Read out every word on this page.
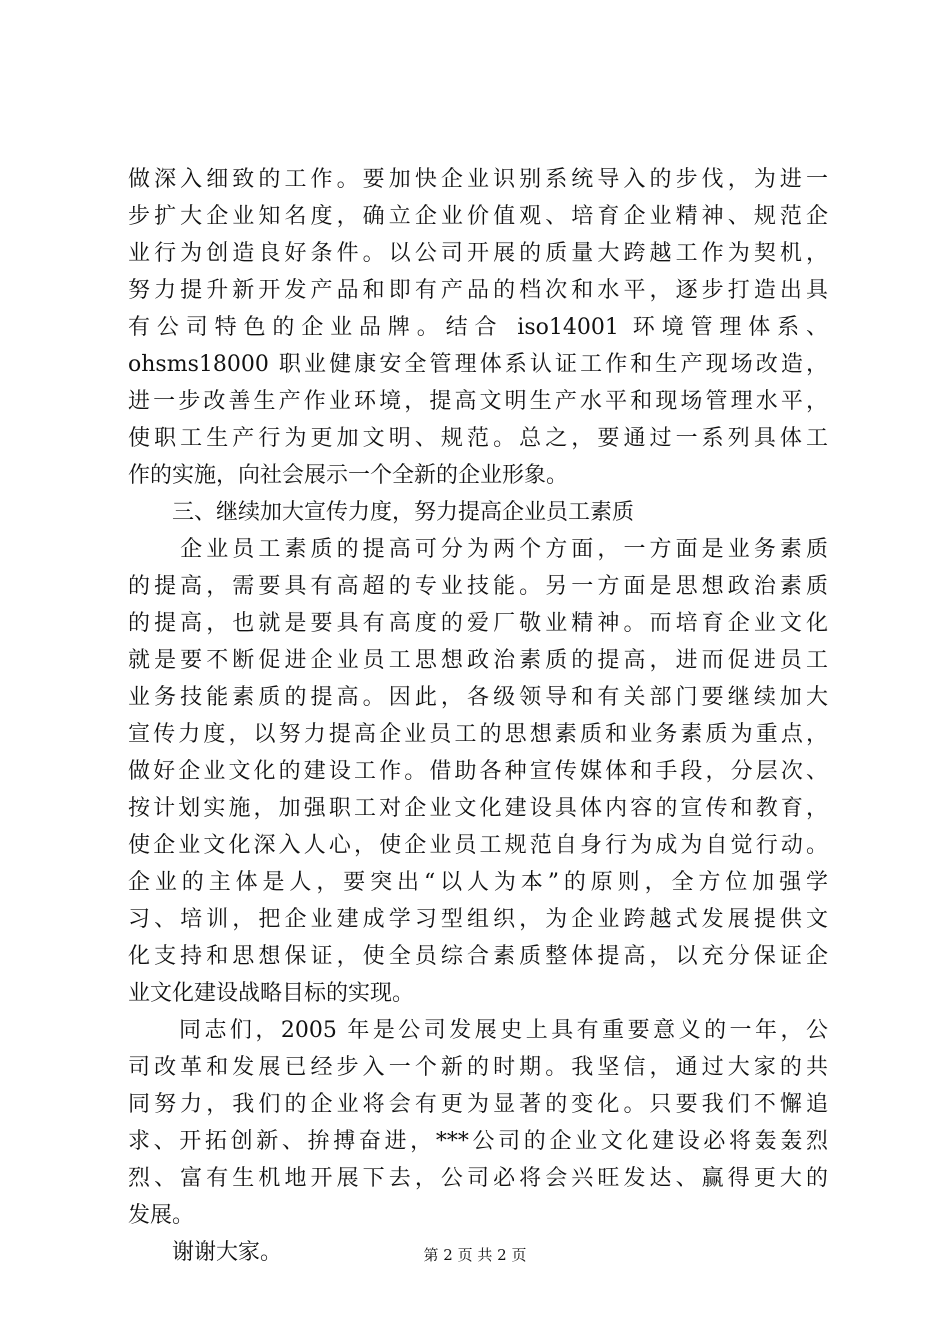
做深入细致的工作。要加快企业识别系统导入的步伐，为进一
步扩大企业知名度，确立企业价值观、培育企业精神、规范企
业行为创造良好条件。以公司开展的质量大跨越工作为契机，
努力提升新开发产品和即有产品的档次和水平，逐步打造出具
有公司特色的企业品牌。结合 iso14001 环境管理体系、
ohsms18000 职业健康安全管理体系认证工作和生产现场改造，
进一步改善生产作业环境，提高文明生产水平和现场管理水平，
使职工生产行为更加文明、规范。总之，要通过一系列具体工
作的实施，向社会展示一个全新的企业形象。
　　三、继续加大宣传力度，努力提高企业员工素质
　　企业员工素质的提高可分为两个方面，一方面是业务素质
的提高，需要具有高超的专业技能。另一方面是思想政治素质
的提高，也就是要具有高度的爱厂敬业精神。而培育企业文化
就是要不断促进企业员工思想政治素质的提高，进而促进员工
业务技能素质的提高。因此，各级领导和有关部门要继续加大
宣传力度，以努力提高企业员工的思想素质和业务素质为重点，
做好企业文化的建设工作。借助各种宣传媒体和手段，分层次、
按计划实施，加强职工对企业文化建设具体内容的宣传和教育，
使企业文化深入人心，使企业员工规范自身行为成为自觉行动。
企业的主体是人，要突出“以人为本”的原则，全方位加强学
习、培训，把企业建成学习型组织，为企业跨越式发展提供文
化支持和思想保证，使全员综合素质整体提高，以充分保证企
业文化建设战略目标的实现。
　　同志们，2005 年是公司发展史上具有重要意义的一年，公
司改革和发展已经步入一个新的时期。我坚信，通过大家的共
同努力，我们的企业将会有更为显著的变化。只要我们不懈追
求、开拓创新、拚搏奋进，***公司的企业文化建设必将轰轰烈
烈、富有生机地开展下去，公司必将会兴旺发达、赢得更大的
发展。
　　谢谢大家。	第 2 页 共 2 页
